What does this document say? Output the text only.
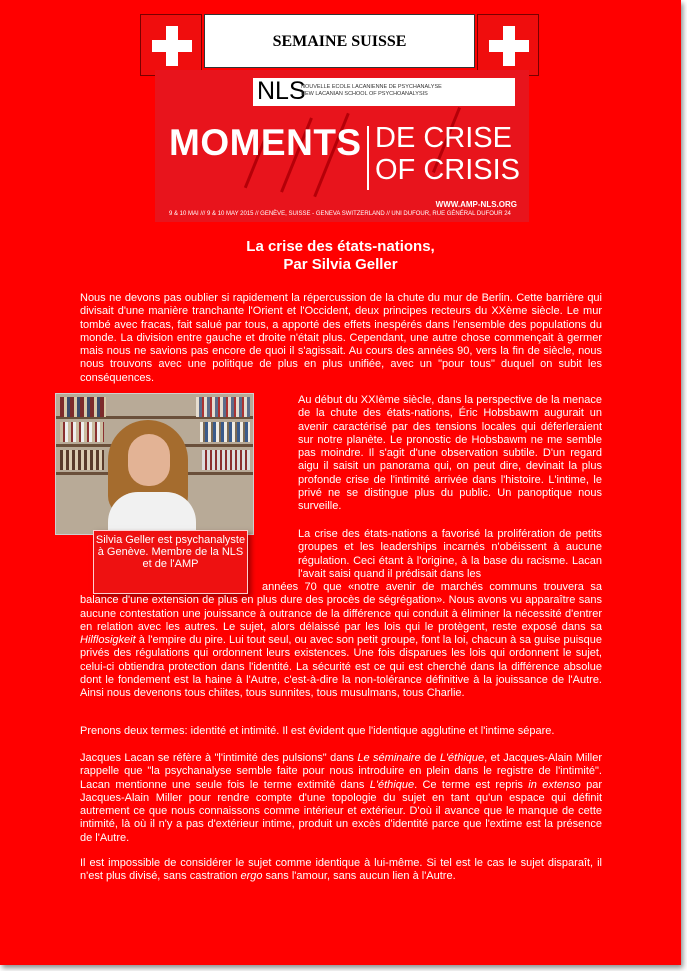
SEMAINE SUISSE
NLS
NOUVELLE ECOLE LACANIENNE DE PSYCHANALYSE
NEW LACANIAN SCHOOL OF PSYCHOANALYSIS
MOMENTS DE CRISE
OF CRISIS
WWW.AMP-NLS.ORG
9 & 10 MAI /// 9 & 10 MAY 2015 // GENÈVE, SUISSE - GENEVA SWITZERLAND // UNI DUFOUR, RUE GÉNÉRAL DUFOUR 24
La crise des états-nations,
Par Silvia Geller

Nous ne devons pas oublier si rapidement la répercussion de la chute du mur de Berlin. Cette barrière qui divisait d'une manière tranchante l'Orient et l'Occident, deux principes recteurs du XXème siècle. Le mur tombé avec fracas, fait salué par tous, a apporté des effets inespérés dans l'ensemble des populations du monde. La division entre gauche et droite n'était plus. Cependant, une autre chose commençait à germer mais nous ne savions pas encore de quoi il s'agissait. Au cours des années 90, vers la fin de siècle, nous nous trouvons avec une politique de plus en plus unifiée, avec un "pour tous" duquel on subit les conséquences.

Silvia Geller est psychanalyste à Genève. Membre de la NLS et de l'AMP

Au début du XXIème siècle, dans la perspective de la menace de la chute des états-nations, Éric Hobsbawm augurait un avenir caractérisé par des tensions locales qui déferleraient sur notre planète. Le pronostic de Hobsbawm ne me semble pas moindre. Il s'agit d'une observation subtile. D'un regard aigu il saisit un panorama qui, on peut dire, devinait la plus profonde crise de l'intimité arrivée dans l'histoire. L'intime, le privé ne se distingue plus du public. Un panoptique nous surveille.

La crise des états-nations a favorisé la prolifération de petits groupes et les leaderships incarnés n'obéissent à aucune régulation. Ceci étant à l'origine, à la base du racisme. Lacan l'avait saisi quand il prédisait dans les

années 70 que «notre avenir de marchés communs trouvera sa balance d'une extension de plus en plus dure des procès de ségrégation». Nous avons vu apparaître sans aucune contestation une jouissance à outrance de la différence qui conduit à éliminer la nécessité d'entrer en relation avec les autres. Le sujet, alors délaissé par les lois qui le protègent, reste exposé dans sa Hilflosigkeit à l'empire du pire. Lui tout seul, ou avec son petit groupe, font la loi, chacun à sa guise puisque privés des régulations qui ordonnent leurs existences. Une fois disparues les lois qui ordonnent le sujet, celui-ci obtiendra protection dans l'identité. La sécurité est ce qui est cherché dans la différence absolue dont le fondement est la haine à l'Autre, c'est-à-dire la non-tolérance définitive à la jouissance de l'Autre. Ainsi nous devenons tous chiites, tous sunnites, tous musulmans, tous Charlie.

Prenons deux termes: identité et intimité. Il est évident que l'identique agglutine et l'intime sépare.

Jacques Lacan se réfère à "l'intimité des pulsions" dans Le séminaire de L'éthique, et Jacques-Alain Miller rappelle que "la psychanalyse semble faite pour nous introduire en plein dans le registre de l'intimité". Lacan mentionne une seule fois le terme extimité dans L'éthique. Ce terme est repris in extenso par Jacques-Alain Miller pour rendre compte d'une topologie du sujet en tant qu'un espace qui définit autrement ce que nous connaissons comme intérieur et extérieur. D'où il avance que le manque de cette intimité, là où il n'y a pas d'extérieur intime, produit un excès d'identité parce que l'extime est la présence de l'Autre.

Il est impossible de considérer le sujet comme identique à lui-même. Si tel est le cas le sujet disparaît, il n'est plus divisé, sans castration ergo sans l'amour, sans aucun lien à l'Autre.
